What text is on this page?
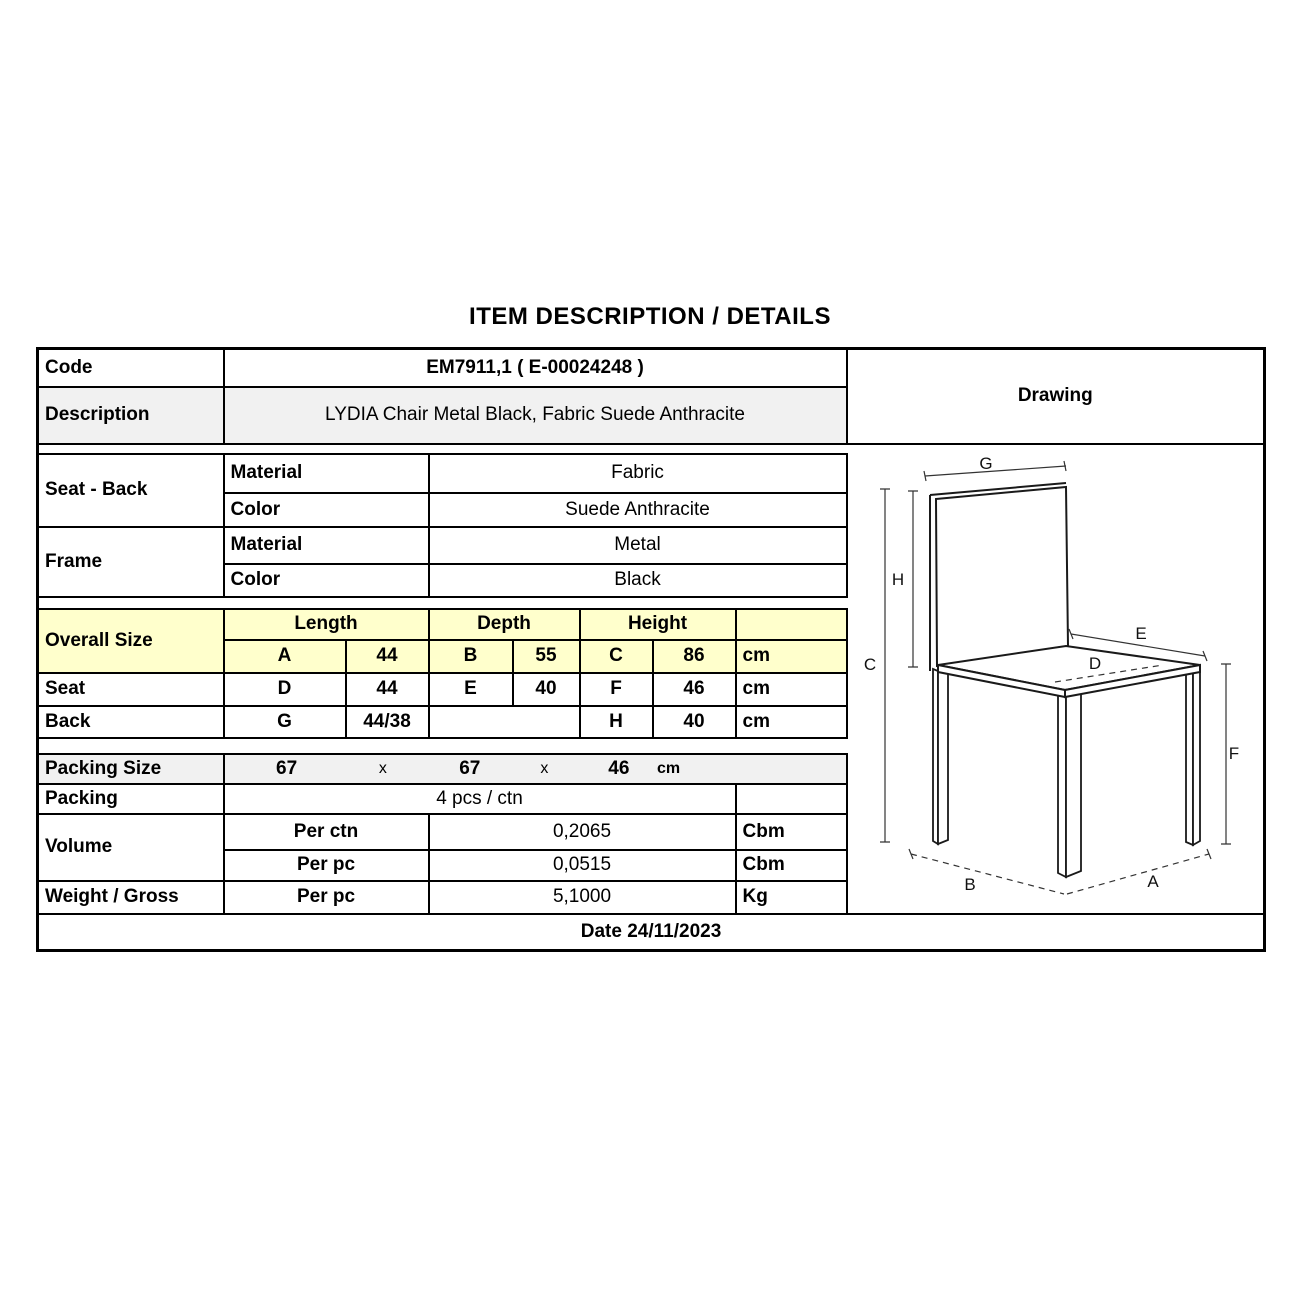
ITEM DESCRIPTION / DETAILS
Code	EM7911,1 ( E-00024248 )							Drawing
Description	LYDIA Chair Metal Black, Fabric Suede Anthracite							

G
H
C
E
D
F
B	A

Seat - Back	Material		Fabric					
	Color		Suede Anthracite					
Frame	Material		Metal					
	Color		Black					

Overall Size	Length		Depth		Height			
	A	44	B	55	C	86	cm	
Seat	D	44	E	40	F	46	cm	
Back	G	44/38			H	40	cm	

Packing Size	67	x	67	x	46 cm

Packing	4 pcs / ctn							
Volume	Per ctn		0,2065				Cbm	
	Per pc		0,0515				Cbm	
Weight / Gross	Per pc		5,1000				Kg	
Date 24/11/2023								
